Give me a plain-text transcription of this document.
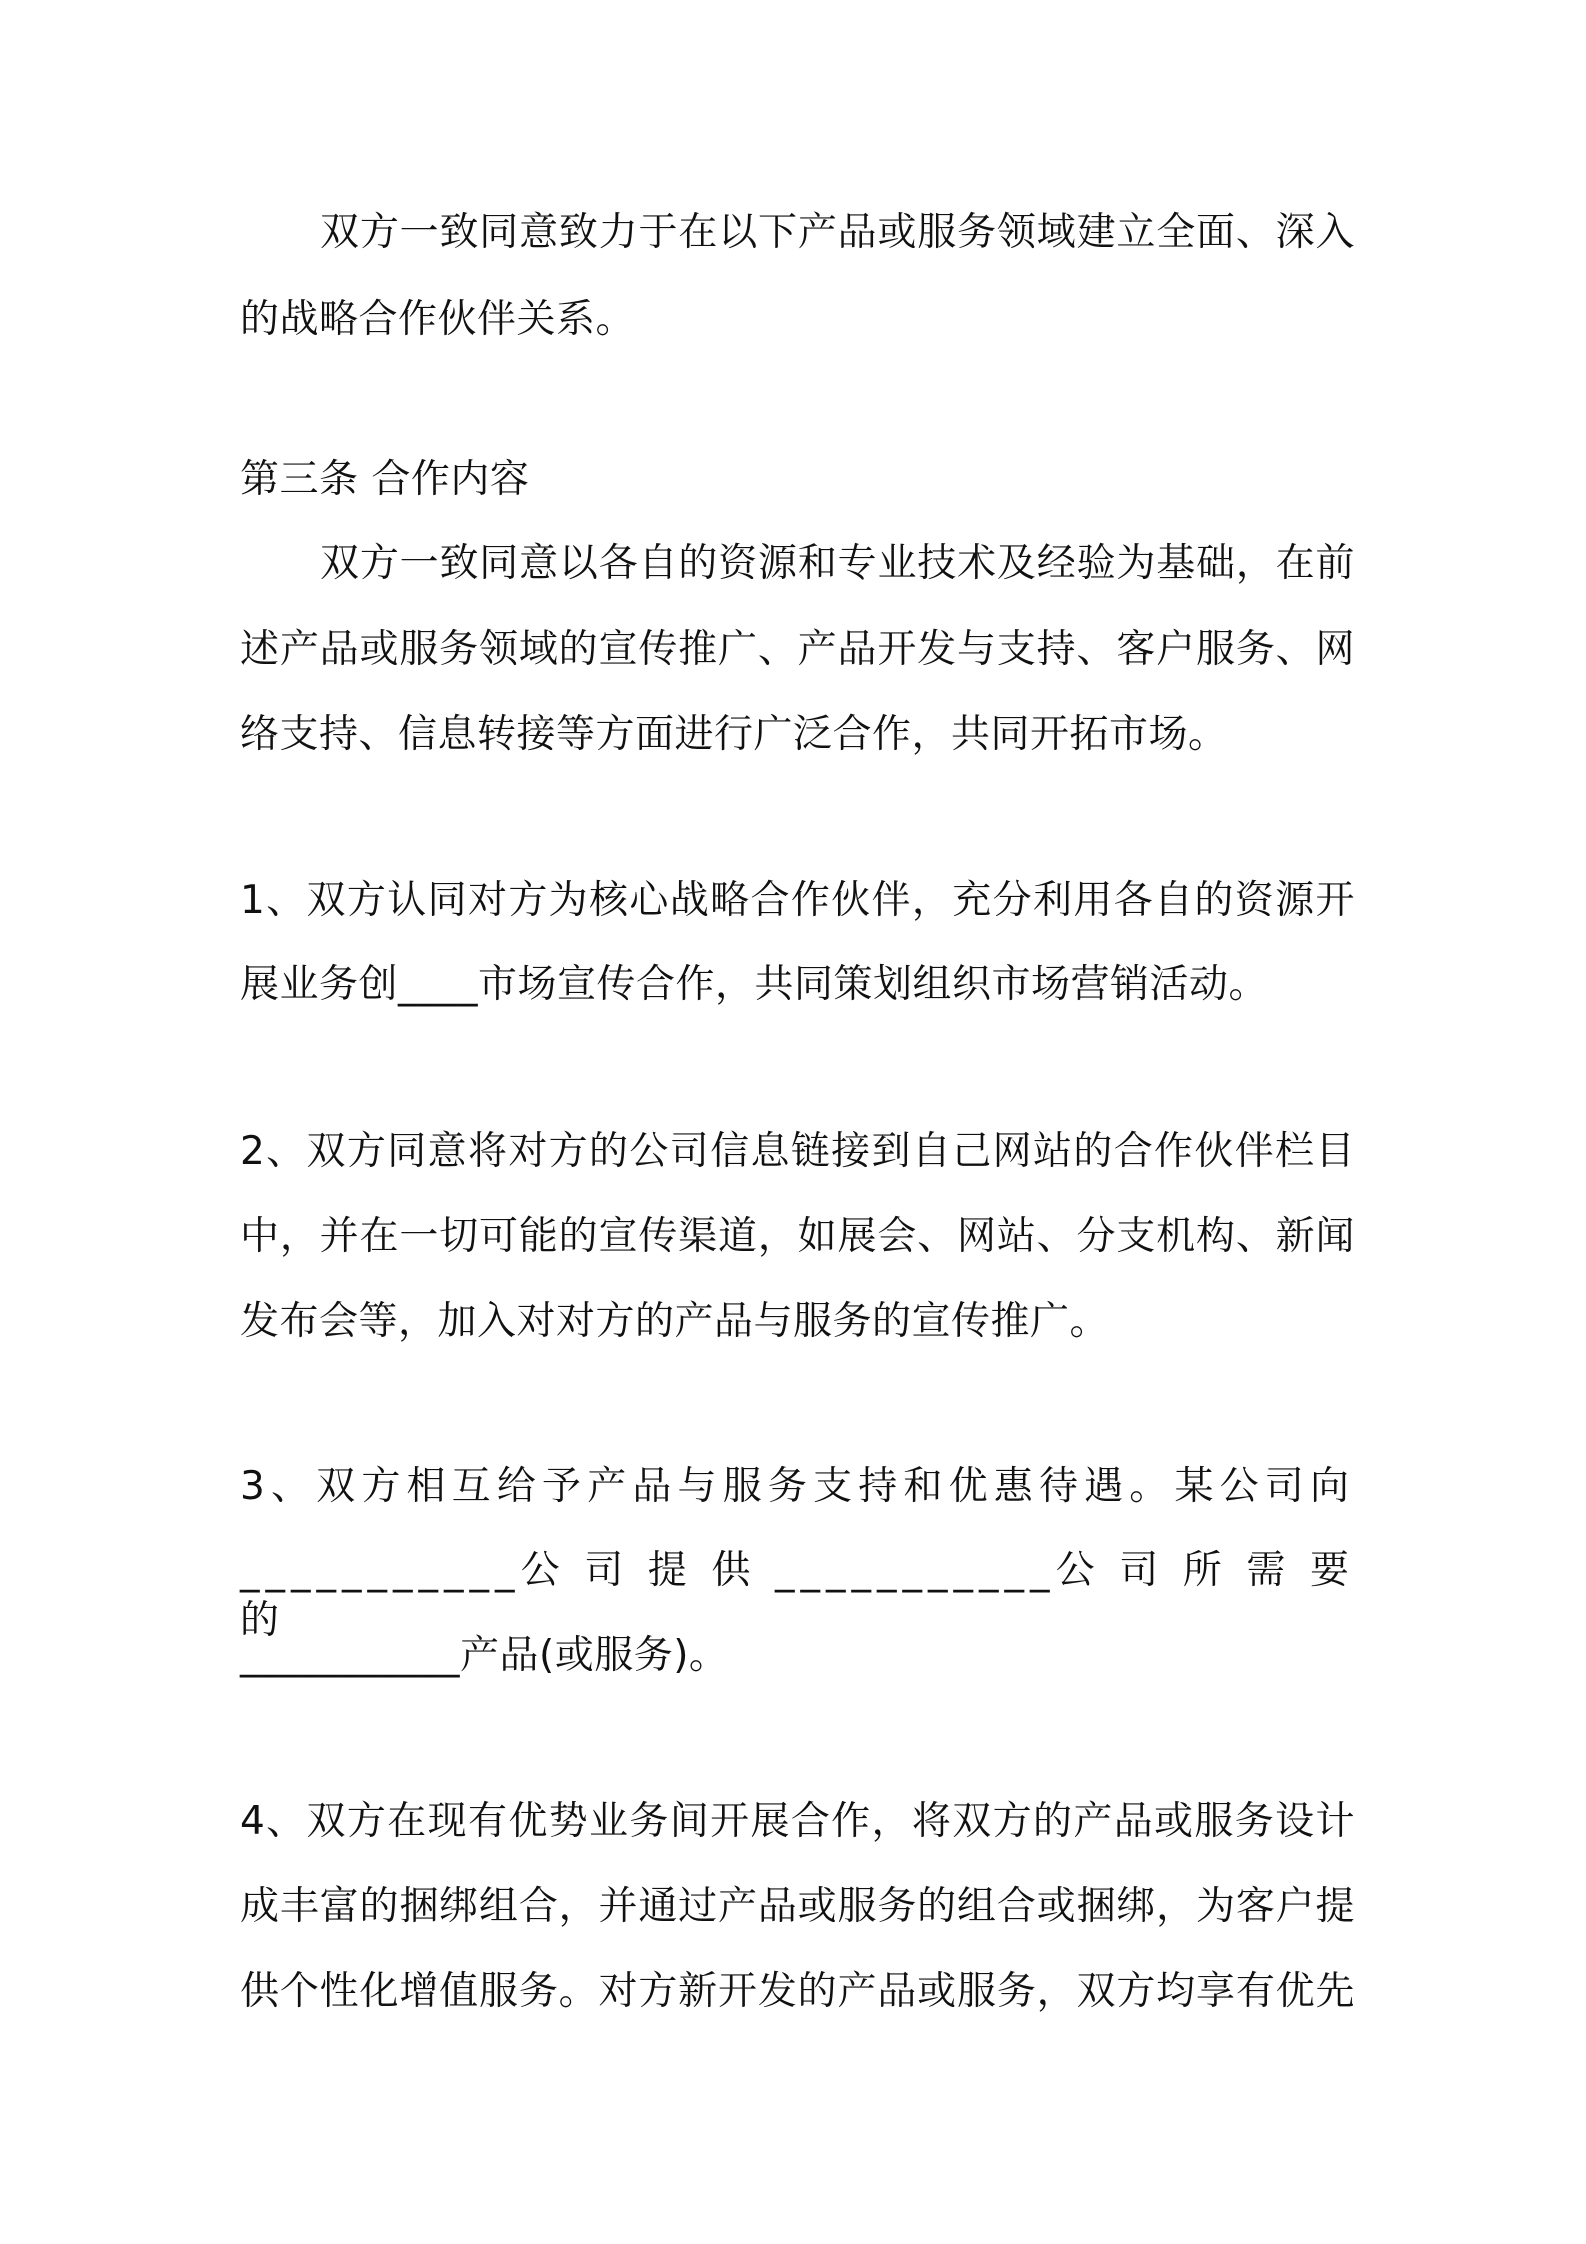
双方一致同意致力于在以下产品或服务领域建立全面、深入
的战略合作伙伴关系。
第三条 合作内容
双方一致同意以各自的资源和专业技术及经验为基础，在前
述产品或服务领域的宣传推广、产品开发与支持、客户服务、网
络支持、信息转接等方面进行广泛合作，共同开拓市场。
1、双方认同对方为核心战略合作伙伴，充分利用各自的资源开
展业务创____市场宣传合作，共同策划组织市场营销活动。
2、双方同意将对方的公司信息链接到自己网站的合作伙伴栏目
中，并在一切可能的宣传渠道，如展会、网站、分支机构、新闻
发布会等，加入对对方的产品与服务的宣传推广。
3、双方相互给予产品与服务支持和优惠待遇。某公司向
___________公 司 提 供 ___________公 司 所 需 要 的
___________产品(或服务)。
4、双方在现有优势业务间开展合作，将双方的产品或服务设计
成丰富的捆绑组合，并通过产品或服务的组合或捆绑，为客户提
供个性化增值服务。对方新开发的产品或服务，双方均享有优先
